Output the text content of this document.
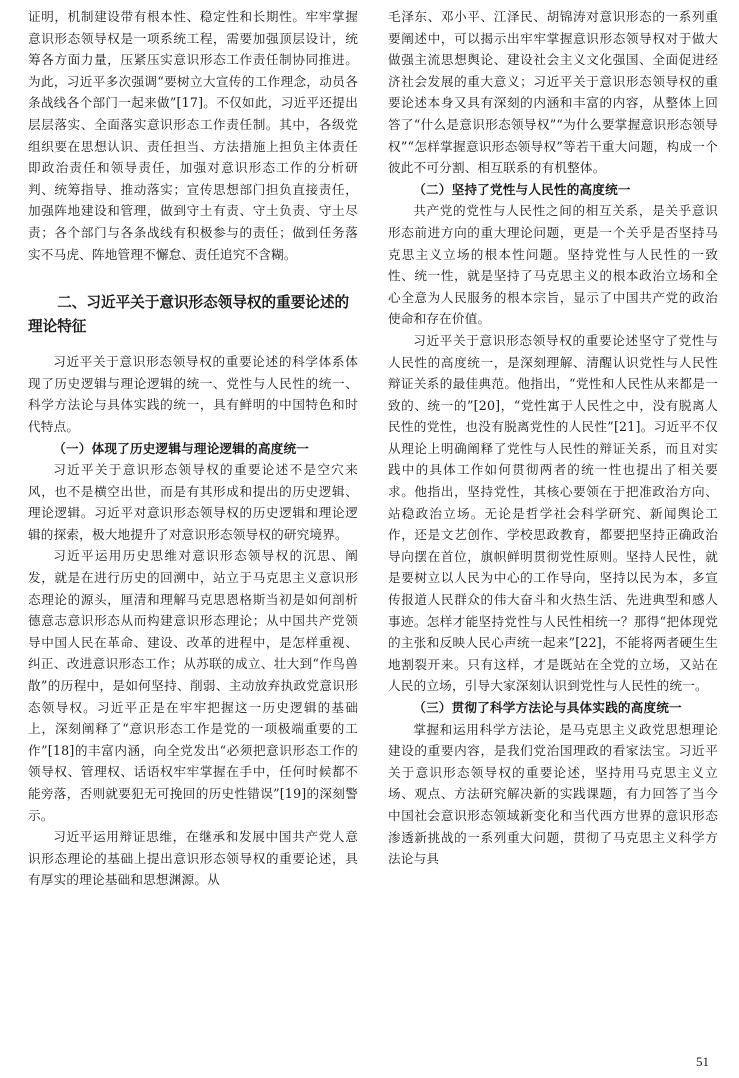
证明，机制建设带有根本性、稳定性和长期性。牢牢掌握意识形态领导权是一项系统工程，需要加强顶层设计，统筹各方面力量，压紧压实意识形态工作责任制协同推进。为此，习近平多次强调“要树立大宣传的工作理念，动员各条战线各个部门一起来做”[17]。不仅如此，习近平还提出层层落实、全面落实意识形态工作责任制。其中，各级党组织要在思想认识、责任担当、方法措施上担负主体责任即政治责任和领导责任，加强对意识形态工作的分析研判、统筹指导、推动落实；宣传思想部门担负直接责任，加强阵地建设和管理，做到守土有责、守土负责、守土尽责；各个部门与各条战线有积极参与的责任；做到任务落实不马虎、阵地管理不懈怠、责任追究不含糊。

二、习近平关于意识形态领导权的重要论述的理论特征

习近平关于意识形态领导权的重要论述的科学体系体现了历史逻辑与理论逻辑的统一、党性与人民性的统一、科学方法论与具体实践的统一，具有鲜明的中国特色和时代特点。

（一）体现了历史逻辑与理论逻辑的高度统一

习近平关于意识形态领导权的重要论述不是空穴来风，也不是横空出世，而是有其形成和提出的历史逻辑、理论逻辑。习近平对意识形态领导权的历史逻辑和理论逻辑的探索，极大地提升了对意识形态领导权的研究境界。

习近平运用历史思维对意识形态领导权的沉思、阐发，就是在进行历史的回溯中，站立于马克思主义意识形态理论的源头，厘清和理解马克思恩格斯当初是如何剖析德意志意识形态从而构建意识形态理论；从中国共产党领导中国人民在革命、建设、改革的进程中，是怎样重视、纠正、改进意识形态工作；从苏联的成立、壮大到“作鸟兽散”的历程中，是如何坚持、削弱、主动放弃执政党意识形态领导权。习近平正是在牢牢把握这一历史逻辑的基础上，深刻阐释了“意识形态工作是党的一项极端重要的工作”[18]的丰富内涵，向全党发出“必须把意识形态工作的领导权、管理权、话语权牢牢掌握在手中，任何时候都不能旁落，否则就要犯无可挽回的历史性错误”[19]的深刻警示。

习近平运用辩证思维，在继承和发展中国共产党人意识形态理论的基础上提出意识形态领导权的重要论述，具有厚实的理论基础和思想渊源。从

毛泽东、邓小平、江泽民、胡锦涛对意识形态的一系列重要阐述中，可以揭示出牢牢掌握意识形态领导权对于做大做强主流思想舆论、建设社会主义文化强国、全面促进经济社会发展的重大意义；习近平关于意识形态领导权的重要论述本身又具有深刻的内涵和丰富的内容，从整体上回答了“什么是意识形态领导权”“为什么要掌握意识形态领导权”“怎样掌握意识形态领导权”等若干重大问题，构成一个彼此不可分割、相互联系的有机整体。

（二）坚持了党性与人民性的高度统一

共产党的党性与人民性之间的相互关系，是关乎意识形态前进方向的重大理论问题，更是一个关乎是否坚持马克思主义立场的根本性问题。坚持党性与人民性的一致性、统一性，就是坚持了马克思主义的根本政治立场和全心全意为人民服务的根本宗旨，显示了中国共产党的政治使命和存在价值。

习近平关于意识形态领导权的重要论述坚守了党性与人民性的高度统一，是深刻理解、清醒认识党性与人民性辩证关系的最佳典范。他指出，“党性和人民性从来都是一致的、统一的”[20]，“党性寓于人民性之中，没有脱离人民性的党性，也没有脱离党性的人民性”[21]。习近平不仅从理论上明确阐释了党性与人民性的辩证关系，而且对实践中的具体工作如何贯彻两者的统一性也提出了相关要求。他指出，坚持党性，其核心要领在于把准政治方向、站稳政治立场。无论是哲学社会科学研究、新闻舆论工作，还是文艺创作、学校思政教育，都要把坚持正确政治导向摆在首位，旗帜鲜明贯彻党性原则。坚持人民性，就是要树立以人民为中心的工作导向，坚持以民为本，多宣传报道人民群众的伟大奋斗和火热生活、先进典型和感人事迹。怎样才能坚持党性与人民性相统一？那得“把体现党的主张和反映人民心声统一起来”[22]，不能将两者硬生生地割裂开来。只有这样，才是既站在全党的立场，又站在人民的立场，引导大家深刻认识到党性与人民性的统一。

（三）贯彻了科学方法论与具体实践的高度统一

掌握和运用科学方法论，是马克思主义政党思想理论建设的重要内容，是我们党治国理政的看家法宝。习近平关于意识形态领导权的重要论述，坚持用马克思主义立场、观点、方法研究解决新的实践课题，有力回答了当今中国社会意识形态领域新变化和当代西方世界的意识形态渗透新挑战的一系列重大问题，贯彻了马克思主义科学方法论与具

51
